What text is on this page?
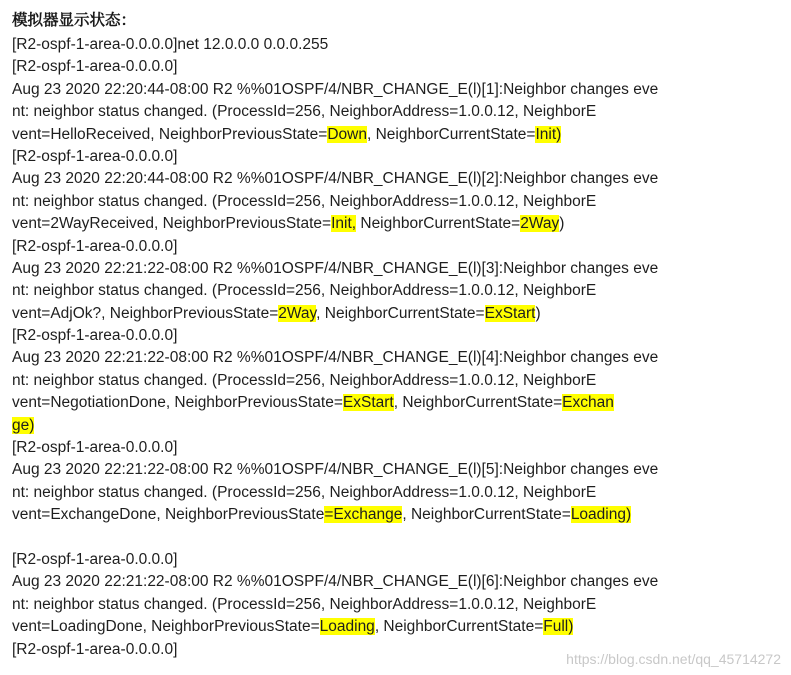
模拟器显示状态：
[R2-ospf-1-area-0.0.0.0]net 12.0.0.0 0.0.0.255
[R2-ospf-1-area-0.0.0.0]
Aug 23 2020 22:20:44-08:00 R2 %%01OSPF/4/NBR_CHANGE_E(l)[1]:Neighbor changes eve
nt: neighbor status changed. (ProcessId=256, NeighborAddress=1.0.0.12, NeighborE
vent=HelloReceived, NeighborPreviousState=Down, NeighborCurrentState=Init)
[R2-ospf-1-area-0.0.0.0]
Aug 23 2020 22:20:44-08:00 R2 %%01OSPF/4/NBR_CHANGE_E(l)[2]:Neighbor changes eve
nt: neighbor status changed. (ProcessId=256, NeighborAddress=1.0.0.12, NeighborE
vent=2WayReceived, NeighborPreviousState=Init, NeighborCurrentState=2Way)
[R2-ospf-1-area-0.0.0.0]
Aug 23 2020 22:21:22-08:00 R2 %%01OSPF/4/NBR_CHANGE_E(l)[3]:Neighbor changes eve
nt: neighbor status changed. (ProcessId=256, NeighborAddress=1.0.0.12, NeighborE
vent=AdjOk?, NeighborPreviousState=2Way, NeighborCurrentState=ExStart)
[R2-ospf-1-area-0.0.0.0]
Aug 23 2020 22:21:22-08:00 R2 %%01OSPF/4/NBR_CHANGE_E(l)[4]:Neighbor changes eve
nt: neighbor status changed. (ProcessId=256, NeighborAddress=1.0.0.12, NeighborE
vent=NegotiationDone, NeighborPreviousState=ExStart, NeighborCurrentState=Exchan
ge)
[R2-ospf-1-area-0.0.0.0]
Aug 23 2020 22:21:22-08:00 R2 %%01OSPF/4/NBR_CHANGE_E(l)[5]:Neighbor changes eve
nt: neighbor status changed. (ProcessId=256, NeighborAddress=1.0.0.12, NeighborE
vent=ExchangeDone, NeighborPreviousState=Exchange, NeighborCurrentState=Loading)
[R2-ospf-1-area-0.0.0.0]
Aug 23 2020 22:21:22-08:00 R2 %%01OSPF/4/NBR_CHANGE_E(l)[6]:Neighbor changes eve
nt: neighbor status changed. (ProcessId=256, NeighborAddress=1.0.0.12, NeighborE
vent=LoadingDone, NeighborPreviousState=Loading, NeighborCurrentState=Full)
[R2-ospf-1-area-0.0.0.0]
https://blog.csdn.net/qq_45714272
